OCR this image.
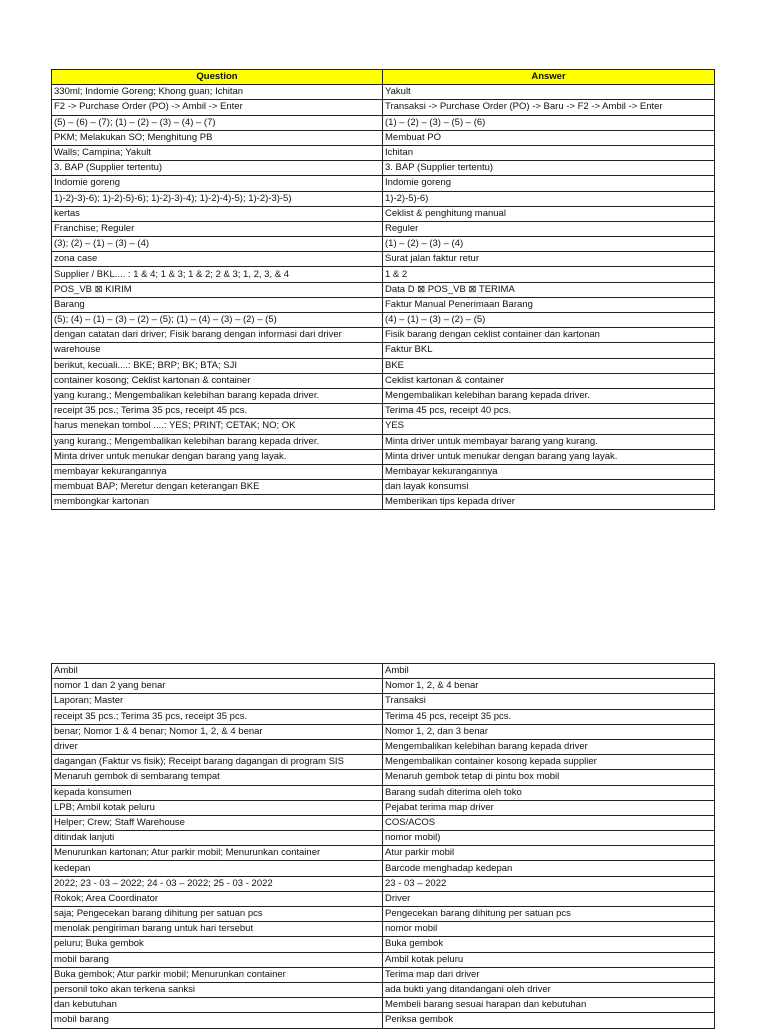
Question	Answer
330ml; Indomie Goreng; Khong guan; Ichitan	Yakult
F2 -> Purchase Order (PO) -> Ambil -> Enter	Transaksi -> Purchase Order (PO) -> Baru -> F2 -> Ambil -> Enter
(5) – (6) – (7); (1) – (2) – (3) – (4) – (7)	(1) – (2) – (3) – (5) – (6)
PKM; Melakukan SO; Menghitung PB	Membuat PO
Walls; Campina; Yakult	Ichitan
3. BAP (Supplier tertentu)	3. BAP (Supplier tertentu)
Indomie goreng	Indomie goreng
1)-2)-3)-6); 1)-2)-5)-6); 1)-2)-3)-4); 1)-2)-4)-5); 1)-2)-3)-5)	1)-2)-5)-6)
kertas	Ceklist & penghitung manual
Franchise; Reguler	Reguler
(3); (2) – (1) – (3) – (4)	(1) – (2) – (3) – (4)
zona case	Surat jalan faktur retur
Supplier / BKL.... : 1 & 4; 1 & 3; 1 & 2; 2 & 3; 1, 2, 3, & 4	1 & 2
POS_VB ⊠ KIRIM	Data D ⊠ POS_VB ⊠ TERIMA
Barang	Faktur Manual Penerimaan Barang
(5); (4) – (1) – (3) – (2) – (5); (1) – (4) – (3) – (2) – (5)	(4) – (1) – (3) – (2) – (5)
dengan catatan dari driver; Fisik barang dengan informasi dari driver	Fisik barang dengan ceklist container dan kartonan
warehouse	Faktur BKL
berikut, kecuali....: BKE; BRP; BK; BTA; SJI	BKE
container kosong; Ceklist kartonan & container	Ceklist kartonan & container
yang kurang.; Mengembalikan kelebihan barang kepada driver.	Mengembalikan kelebihan barang kepada driver.
receipt 35 pcs.; Terima 35 pcs, receipt 45 pcs.	Terima 45 pcs, receipt 40 pcs.
harus menekan tombol ....: YES; PRINT; CETAK; NO; OK	YES
yang kurang.; Mengembalikan kelebihan barang kepada driver.	Minta driver untuk membayar barang yang kurang.
Minta driver untuk menukar dengan barang yang layak.	Minta driver untuk menukar dengan barang yang layak.
membayar kekurangannya	Membayar kekurangannya
membuat BAP; Meretur dengan keterangan BKE	dan layak konsumsi
membongkar kartonan	Memberikan tips kepada driver
Ambil	Ambil
nomor 1 dan 2 yang benar	Nomor 1, 2, & 4 benar
Laporan; Master	Transaksi
receipt 35 pcs.; Terima 35 pcs, receipt 35 pcs.	Terima 45 pcs, receipt 35 pcs.
benar; Nomor 1 & 4 benar; Nomor 1, 2, & 4 benar	Nomor 1, 2, dan 3 benar
driver	Mengembalikan kelebihan barang kepada driver
dagangan (Faktur vs fisik); Receipt barang dagangan di program SIS	Mengembalikan container kosong kepada supplier
Menaruh gembok di sembarang tempat	Menaruh gembok tetap di pintu box mobil
kepada konsumen	Barang sudah diterima oleh toko
LPB; Ambil kotak peluru	Pejabat terima map driver
Helper; Crew; Staff Warehouse	COS/ACOS
ditindak lanjuti	nomor mobil)
Menurunkan kartonan; Atur parkir mobil; Menurunkan container	Atur parkir mobil
kedepan	Barcode menghadap kedepan
2022; 23 - 03 – 2022; 24 - 03 – 2022; 25 - 03 - 2022	23 - 03 – 2022
Rokok; Area Coordinator	Driver
saja; Pengecekan barang dihitung per satuan pcs	Pengecekan barang dihitung per satuan pcs
menolak pengiriman barang untuk hari tersebut	nomor mobil
peluru; Buka gembok	Buka gembok
mobil barang	Ambil kotak peluru
Buka gembok; Atur parkir mobil; Menurunkan container	Terima map dari driver
personil toko akan terkena sanksi	ada bukti yang ditandangani oleh driver
dan kebutuhan	Membeli barang sesuai harapan dan kebutuhan
mobil barang	Periksa gembok
